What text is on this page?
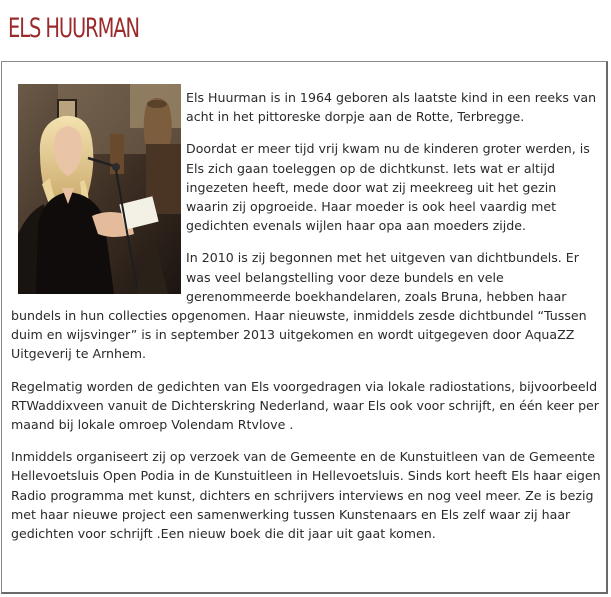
ELS HUURMAN

Els Huurman is in 1964 geboren als laatste kind in een reeks van acht in het pittoreske dorpje aan de Rotte, Terbregge.

Doordat er meer tijd vrij kwam nu de kinderen groter werden, is Els zich gaan toeleggen op de dichtkunst. Iets wat er altijd ingezeten heeft, mede door wat zij meekreeg uit het gezin waarin zij opgroeide. Haar moeder is ook heel vaardig met gedichten evenals wijlen haar opa aan moeders zijde.

In 2010 is zij begonnen met het uitgeven van dichtbundels. Er was veel belangstelling voor deze bundels en vele gerenommeerde boekhandelaren, zoals Bruna, hebben haar bundels in hun collecties opgenomen. Haar nieuwste, inmiddels zesde dichtbundel “Tussen duim en wijsvinger” is in september 2013 uitgekomen en wordt uitgegeven door AquaZZ Uitgeverij te Arnhem.

Regelmatig worden de gedichten van Els voorgedragen via lokale radiostations, bijvoorbeeld RTWaddixveen vanuit de Dichterskring Nederland, waar Els ook voor schrijft, en één keer per maand bij lokale omroep Volendam Rtvlove .

Inmiddels organiseert zij op verzoek van de Gemeente en de Kunstuitleen van de Gemeente Hellevoetsluis Open Podia in de Kunstuitleen in Hellevoetsluis. Sinds kort heeft Els haar eigen Radio programma met kunst, dichters en schrijvers interviews en nog veel meer. Ze is bezig met haar nieuwe project een samenwerking tussen Kunstenaars en Els zelf waar zij haar gedichten voor schrijft .Een nieuw boek die dit jaar uit gaat komen.
